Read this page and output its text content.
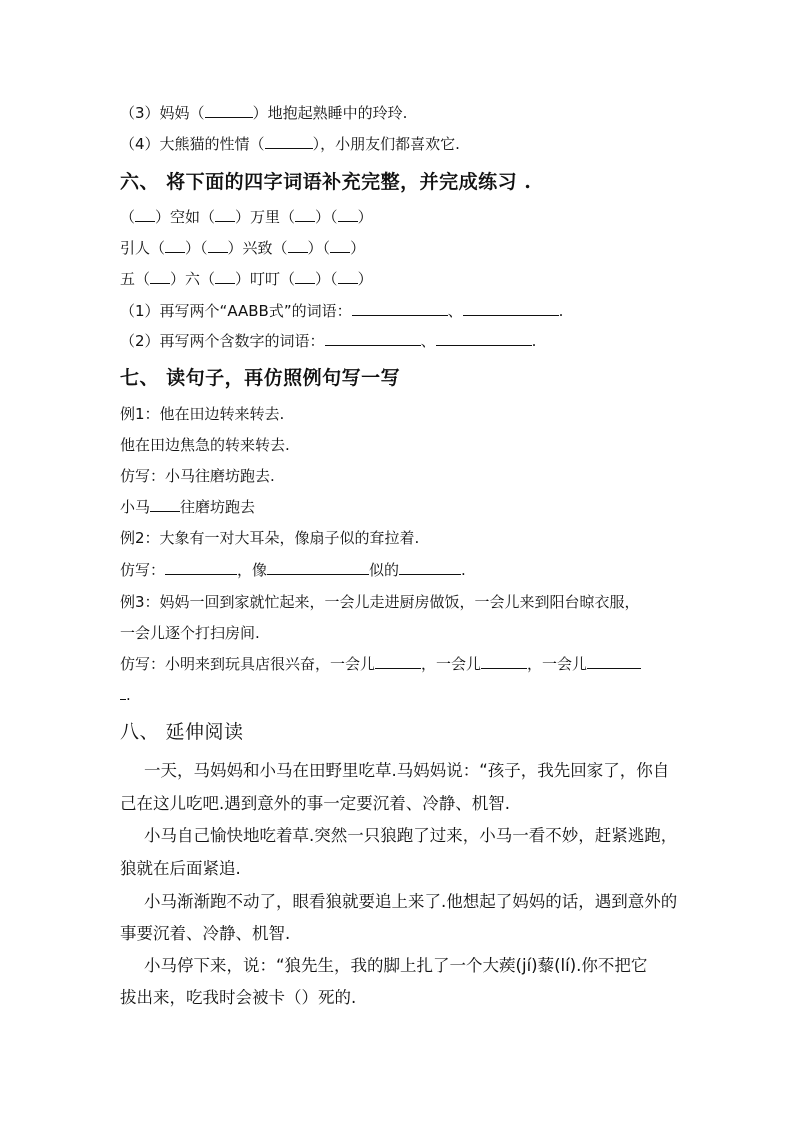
（3）妈妈（	）地抱起熟睡中的玲玲.
（4）大熊猫的性情（	），小朋友们都喜欢它.
六、 将下面的四字词语补充完整，并完成练习 .
（ ）空如（ ）万里（ ）（ ）
引人（ ）（ ）兴致（ ）（ ）
五（ ）六（ ）叮叮（ ）（ ）
（1）再写两个“AABB式”的词语：	、	.
（2）再写两个含数字的词语：	、	.
七、 读句子，再仿照例句写一写
例1：他在田边转来转去.
他在田边焦急的转来转去.
仿写：小马往磨坊跑去.
小马 往磨坊跑去
例2：大象有一对大耳朵，像扇子似的耷拉着.
仿写：	，像	似的	.
例3：妈妈一回到家就忙起来，一会儿走进厨房做饭，一会儿来到阳台晾衣服，
一会儿逐个打扫房间.
仿写：小明来到玩具店很兴奋，一会儿	，一会儿	，一会儿
.
八、 延伸阅读
一天，马妈妈和小马在田野里吃草.马妈妈说：“孩子，我先回家了，你自
己在这儿吃吧.遇到意外的事一定要沉着、冷静、机智.
小马自己愉快地吃着草.突然一只狼跑了过来，小马一看不妙，赶紧逃跑，
狼就在后面紧追.
小马渐渐跑不动了，眼看狼就要追上来了.他想起了妈妈的话，遇到意外的
事要沉着、冷静、机智.
小马停下来，说：“狼先生，我的脚上扎了一个大蒺(jí)藜(lí).你不把它
拔出来，吃我时会被卡（）死的.
